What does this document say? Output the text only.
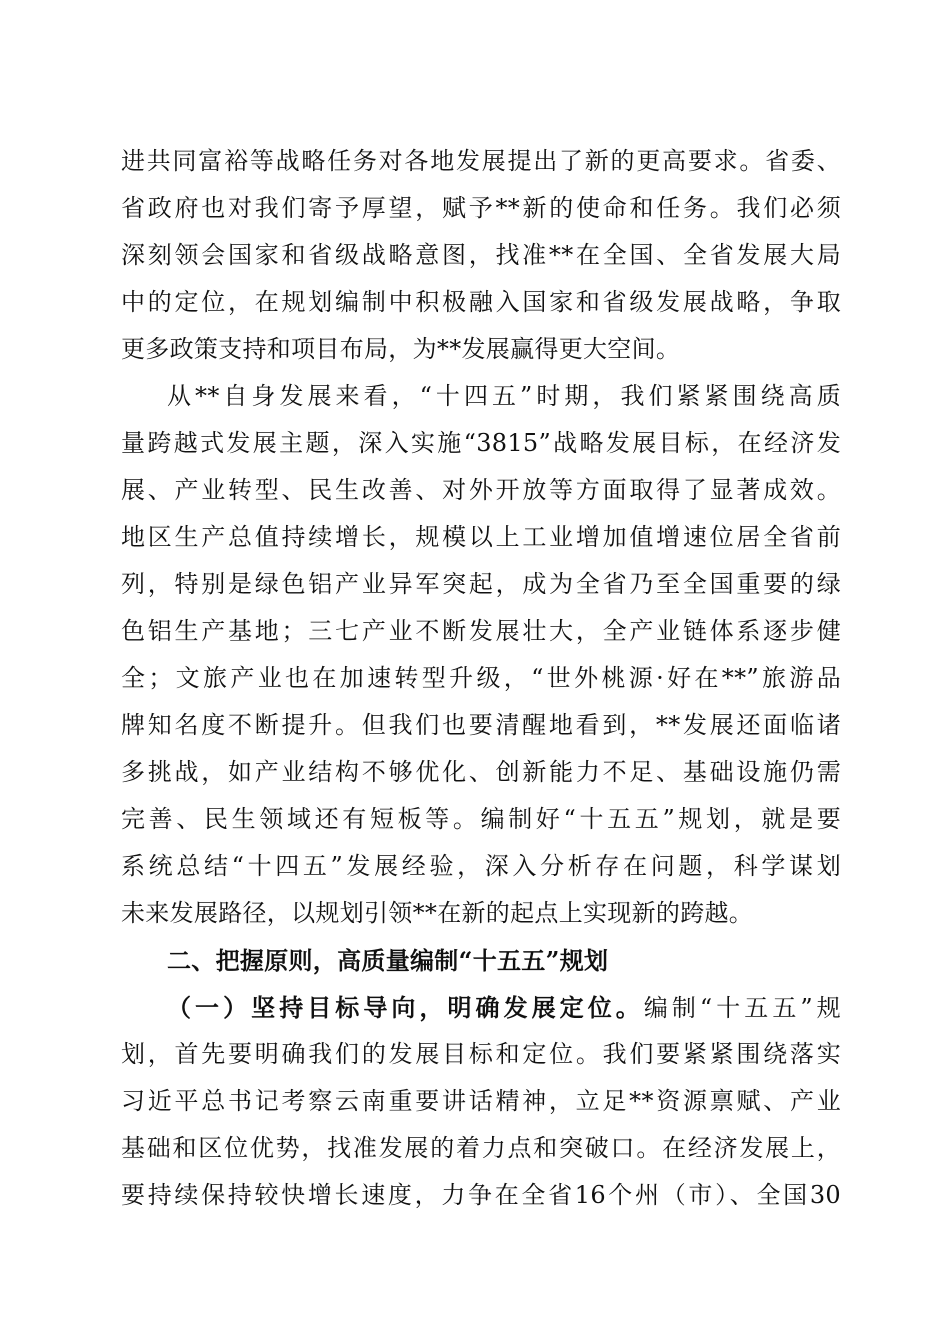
进共同富裕等战略任务对各地发展提出了新的更高要求。省委、
省政府也对我们寄予厚望，赋予**新的使命和任务。我们必须
深刻领会国家和省级战略意图，找准**在全国、全省发展大局
中的定位，在规划编制中积极融入国家和省级发展战略，争取
更多政策支持和项目布局，为**发展赢得更大空间。
从**自身发展来看，“十四五”时期，我们紧紧围绕高质
量跨越式发展主题，深入实施“3815”战略发展目标，在经济发
展、产业转型、民生改善、对外开放等方面取得了显著成效。
地区生产总值持续增长，规模以上工业增加值增速位居全省前
列，特别是绿色铝产业异军突起，成为全省乃至全国重要的绿
色铝生产基地；三七产业不断发展壮大，全产业链体系逐步健
全；文旅产业也在加速转型升级，“世外桃源·好在**”旅游品
牌知名度不断提升。但我们也要清醒地看到，**发展还面临诸
多挑战，如产业结构不够优化、创新能力不足、基础设施仍需
完善、民生领域还有短板等。编制好“十五五”规划，就是要
系统总结“十四五”发展经验，深入分析存在问题，科学谋划
未来发展路径，以规划引领**在新的起点上实现新的跨越。
二、把握原则，高质量编制“十五五”规划
（一）坚持目标导向，明确发展定位。编制“十五五”规
划，首先要明确我们的发展目标和定位。我们要紧紧围绕落实
习近平总书记考察云南重要讲话精神，立足**资源禀赋、产业
基础和区位优势，找准发展的着力点和突破口。在经济发展上，
要持续保持较快增长速度，力争在全省16个州（市）、全国30
